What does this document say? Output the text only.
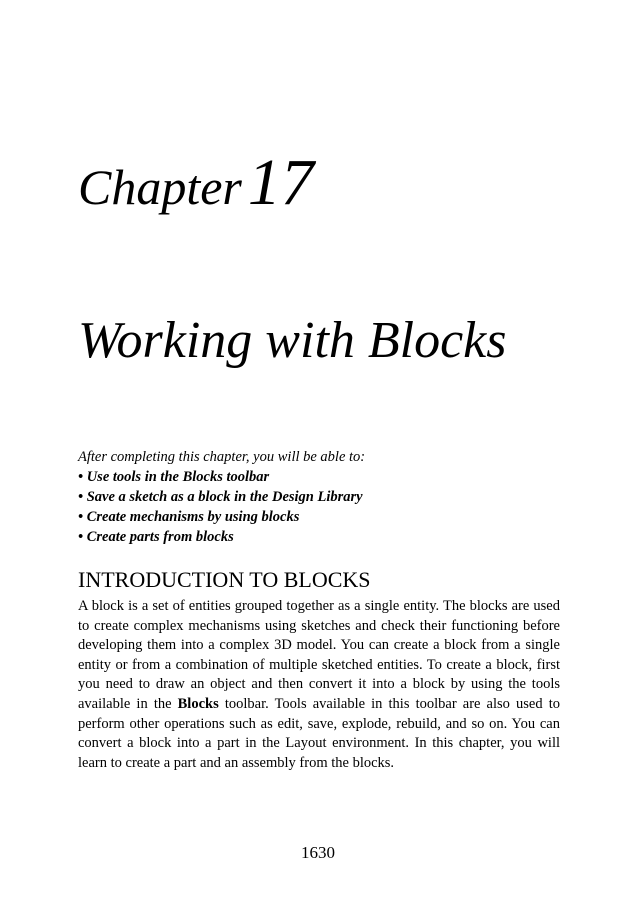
Chapter17
Working with Blocks

After completing this chapter, you will be able to:

• Use tools in the Blocks toolbar
• Save a sketch as a block in the Design Library
• Create mechanisms by using blocks
• Create parts from blocks
INTRODUCTION TO BLOCKS

A block is a set of entities grouped together as a single entity. The blocks are used to create complex mechanisms using sketches and check their functioning before developing them into a complex 3D model. You can create a block from a single entity or from a combination of multiple sketched entities. To create a block, first you need to draw an object and then convert it into a block by using the tools available in the Blocks toolbar. Tools available in this toolbar are also used to perform other operations such as edit, save, explode, rebuild, and so on. You can convert a block into a part in the Layout environment. In this chapter, you will learn to create a part and an assembly from the blocks.

1630
